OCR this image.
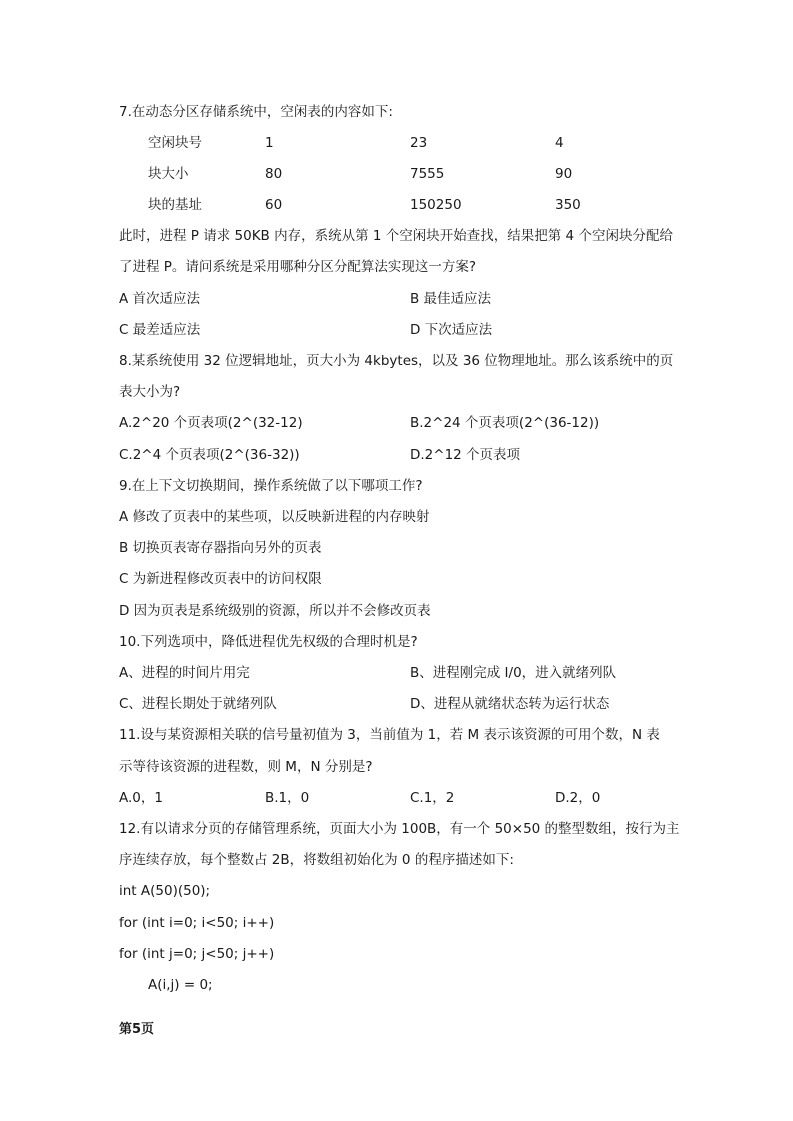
7.在动态分区存储系统中，空闲表的内容如下:
空闲块号	1	23	4
块大小	80	7555	90
块的基址	60	150250	350
此时，进程 P 请求 50KB 内存，系统从第 1 个空闲块开始查找，结果把第 4 个空闲块分配给
了进程 P。请问系统是采用哪种分区分配算法实现这一方案?
A 首次适应法	B 最佳适应法
C 最差适应法	D 下次适应法
8.某系统使用 32 位逻辑地址，页大小为 4kbytes，以及 36 位物理地址。那么该系统中的页
表大小为?
A.2^20 个页表项(2^(32-12)	B.2^24 个页表项(2^(36-12))
C.2^4 个页表项(2^(36-32))	D.2^12 个页表项
9.在上下文切换期间，操作系统做了以下哪项工作?
A 修改了页表中的某些项，以反映新进程的内存映射
B 切换页表寄存器指向另外的页表
C 为新进程修改页表中的访问权限
D 因为页表是系统级别的资源，所以并不会修改页表
10.下列选项中，降低进程优先权级的合理时机是?
A、进程的时间片用完	B、进程刚完成 I/0，进入就绪列队
C、进程长期处于就绪列队	D、进程从就绪状态转为运行状态
11.设与某资源相关联的信号量初值为 3，当前值为 1，若 M 表示该资源的可用个数，N 表
示等待该资源的进程数，则 M，N 分别是?
A.0，1	B.1，0	C.1，2	D.2，0
12.有以请求分页的存储管理系统，页面大小为 100B，有一个 50×50 的整型数组，按行为主
序连续存放，每个整数占 2B，将数组初始化为 0 的程序描述如下:
int A(50)(50);
for (int i=0; i<50; i++)
for (int j=0; j<50; j++)
A(i,j) = 0;
第5页
